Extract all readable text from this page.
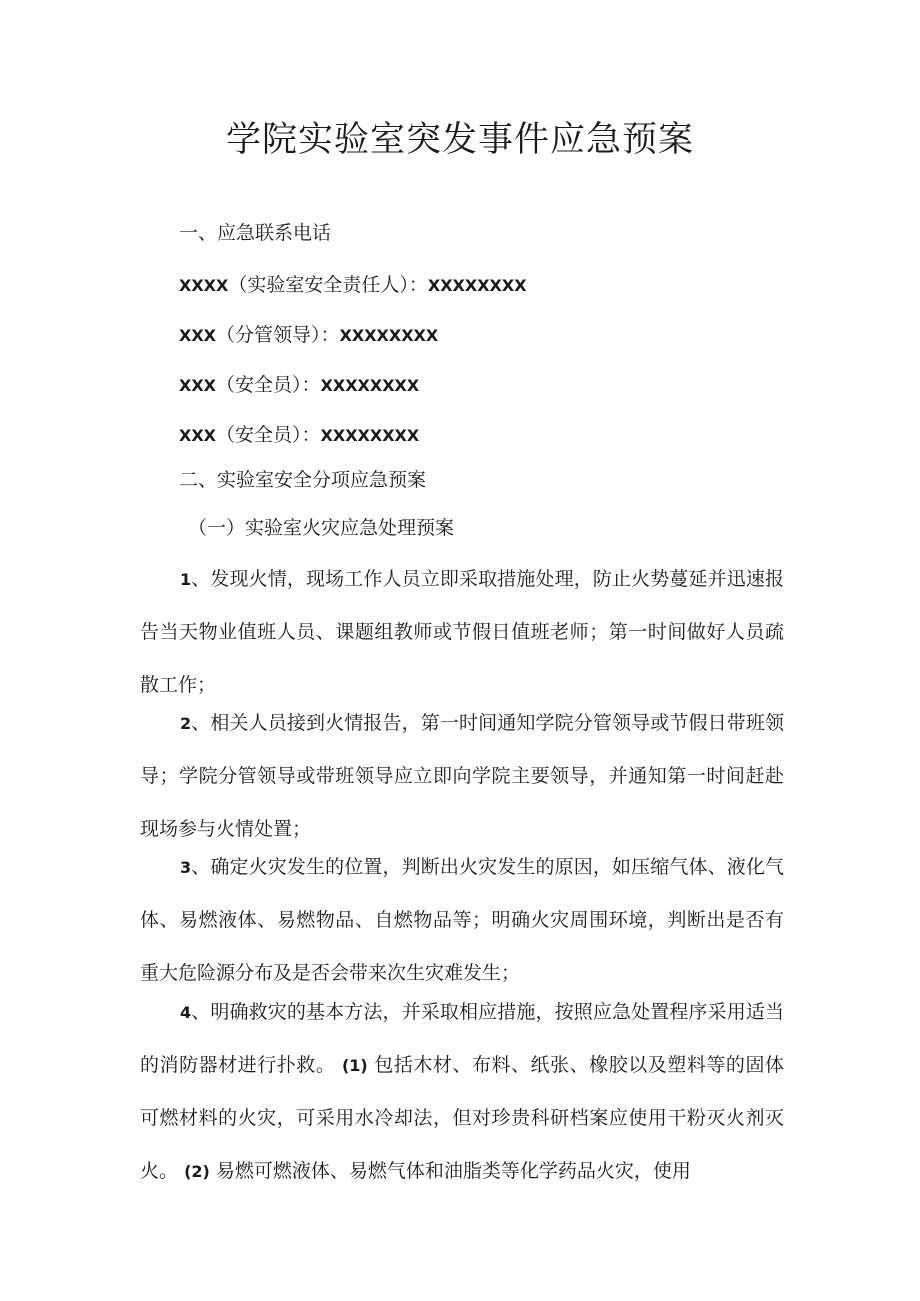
学院实验室突发事件应急预案

一、应急联系电话

XXXX（实验室安全责任人）：XXXXXXXX

XXX（分管领导）：XXXXXXXX

XXX（安全员）：XXXXXXXX

XXX（安全员）：XXXXXXXX

二、实验室安全分项应急预案

（一）实验室火灾应急处理预案

1、发现火情，现场工作人员立即采取措施处理，防止火势蔓延并迅速报告当天物业值班人员、课题组教师或节假日值班老师；第一时间做好人员疏散工作；

2、相关人员接到火情报告，第一时间通知学院分管领导或节假日带班领导；学院分管领导或带班领导应立即向学院主要领导，并通知第一时间赶赴现场参与火情处置；

3、确定火灾发生的位置，判断出火灾发生的原因，如压缩气体、液化气体、易燃液体、易燃物品、自燃物品等；明确火灾周围环境，判断出是否有重大危险源分布及是否会带来次生灾难发生；

4、明确救灾的基本方法，并采取相应措施，按照应急处置程序采用适当的消防器材进行扑救。 (1) 包括木材、布料、纸张、橡胶以及塑料等的固体可燃材料的火灾，可采用水冷却法，但对珍贵科研档案应使用干粉灭火剂灭火。 (2) 易燃可燃液体、易燃气体和油脂类等化学药品火灾，使用
